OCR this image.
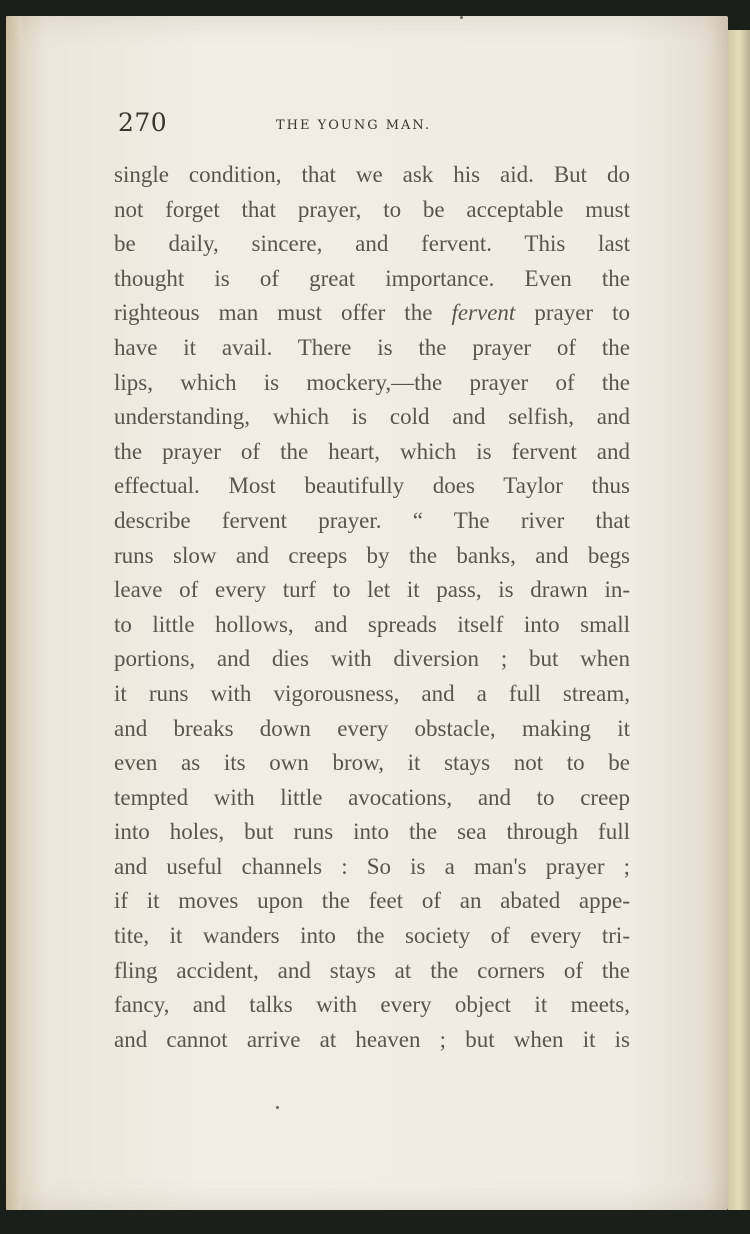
270	THE YOUNG MAN.
single condition, that we ask his aid. But do
not forget that prayer, to be acceptable must
be daily, sincere, and fervent. This last
thought is of great importance. Even the
righteous man must offer the fervent prayer to
have it avail. There is the prayer of the
lips, which is mockery,—the prayer of the
understanding, which is cold and selfish, and
the prayer of the heart, which is fervent and
effectual. Most beautifully does Taylor thus
describe fervent prayer. “ The river that
runs slow and creeps by the banks, and begs
leave of every turf to let it pass, is drawn in-
to little hollows, and spreads itself into small
portions, and dies with diversion ; but when
it runs with vigorousness, and a full stream,
and breaks down every obstacle, making it
even as its own brow, it stays not to be
tempted with little avocations, and to creep
into holes, but runs into the sea through full
and useful channels : So is a man's prayer ;
if it moves upon the feet of an abated appe-
tite, it wanders into the society of every tri-
fling accident, and stays at the corners of the
fancy, and talks with every object it meets,
and cannot arrive at heaven ; but when it is
